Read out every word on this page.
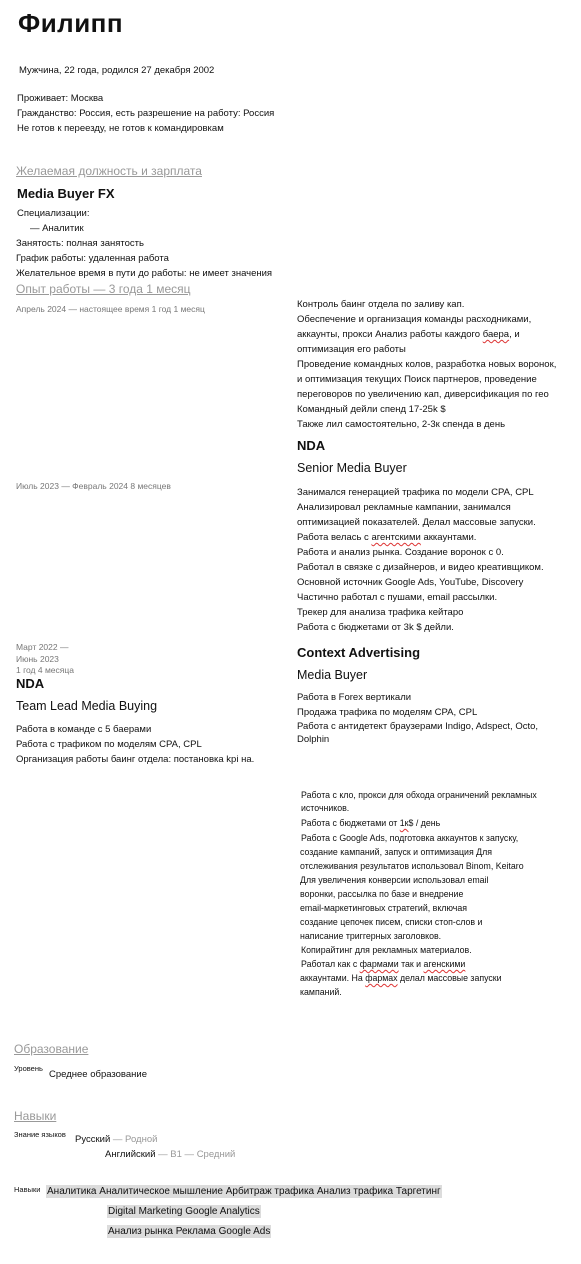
Филипп
Мужчина, 22 года, родился 27 декабря 2002
Проживает: Москва
Гражданство: Россия, есть разрешение на работу: Россия
Не готов к переезду, не готов к командировкам
Желаемая должность и зарплата
Media Buyer FX
Специализации:
— Аналитик
Занятость: полная занятость
График работы: удаленная работа
Желательное время в пути до работы: не имеет значения
Опыт работы — 3 года 1 месяц
Апрель 2024 — настоящее время 1 год 1 месяц	Контроль баинг отдела по заливу кап.
Обеспечение и организация команды расходниками,
аккаунты, прокси Анализ работы каждого баера, и
оптимизация его работы
Проведение командных колов, разработка новых воронок,
и оптимизация текущих Поиск партнеров, проведение
переговоров по увеличению кап, диверсификация по гео
Командный дейли спенд 17-25k $
Также лил самостоятельно, 2-3к спенда в день
NDA
Senior Media Buyer
Июль 2023 — Февраль 2024 8 месяцев
Занимался генерацией трафика по модели CPA, CPL
Анализировал рекламные кампании, занимался
оптимизацией показателей. Делал массовые запуски.
Работа велась с агентскими аккаунтами.
Работа и анализ рынка. Создание воронок с 0.
Работал в связке с дизайнеров, и видео креативщиком.
Основной источник Google Ads, YouTube, Discovery
Частично работал с пушами, email рассылки.
Трекер для анализа трафика кейтаро
Работа с бюджетами от 3k $ дейли.
Context Advertising
Media Buyer
Работа в Forex вертикали
Продажа трафика по моделям CPA, CPL
Работа с антидетект браузерами Indigo, Adspect, Octo,
Dolphin
Март 2022 —
Июнь 2023
1 год 4 месяца
NDA
Team Lead Media Buying
Работа в команде с 5 баерами
Работа с трафиком по моделям CPA, CPL
Организация работы баинг отдела: постановка kpi на.
Работа с кло, прокси для обхода ограничений рекламных
источников.
Работа с бюджетами от 1к$ / день
Работа с Google Ads, подготовка аккаунтов к запуску,
создание кампаний, запуск и оптимизация Для
отслеживания результатов использовал Binom, Keitaro
Для увеличения конверсии использовал email
воронки, рассылка по базе и внедрение
email-маркетинговых стратегий, включая
создание цепочек писем, списки стоп-слов и
написание триггерных заголовков.
Копирайтинг для рекламных материалов.
Работал как с фармами так и агенскими
аккаунтами. На фармах делал массовые запуски
кампаний.
Образование
Уровень
Среднее образование
Навыки
Знание языков Русский — Родной
Английский — B1 — Средний
Навыки Аналитика Аналитическое мышление Арбитраж трафика Анализ трафика Таргетинг
Digital Marketing Google Analytics
Анализ рынка Реклама Google Ads
